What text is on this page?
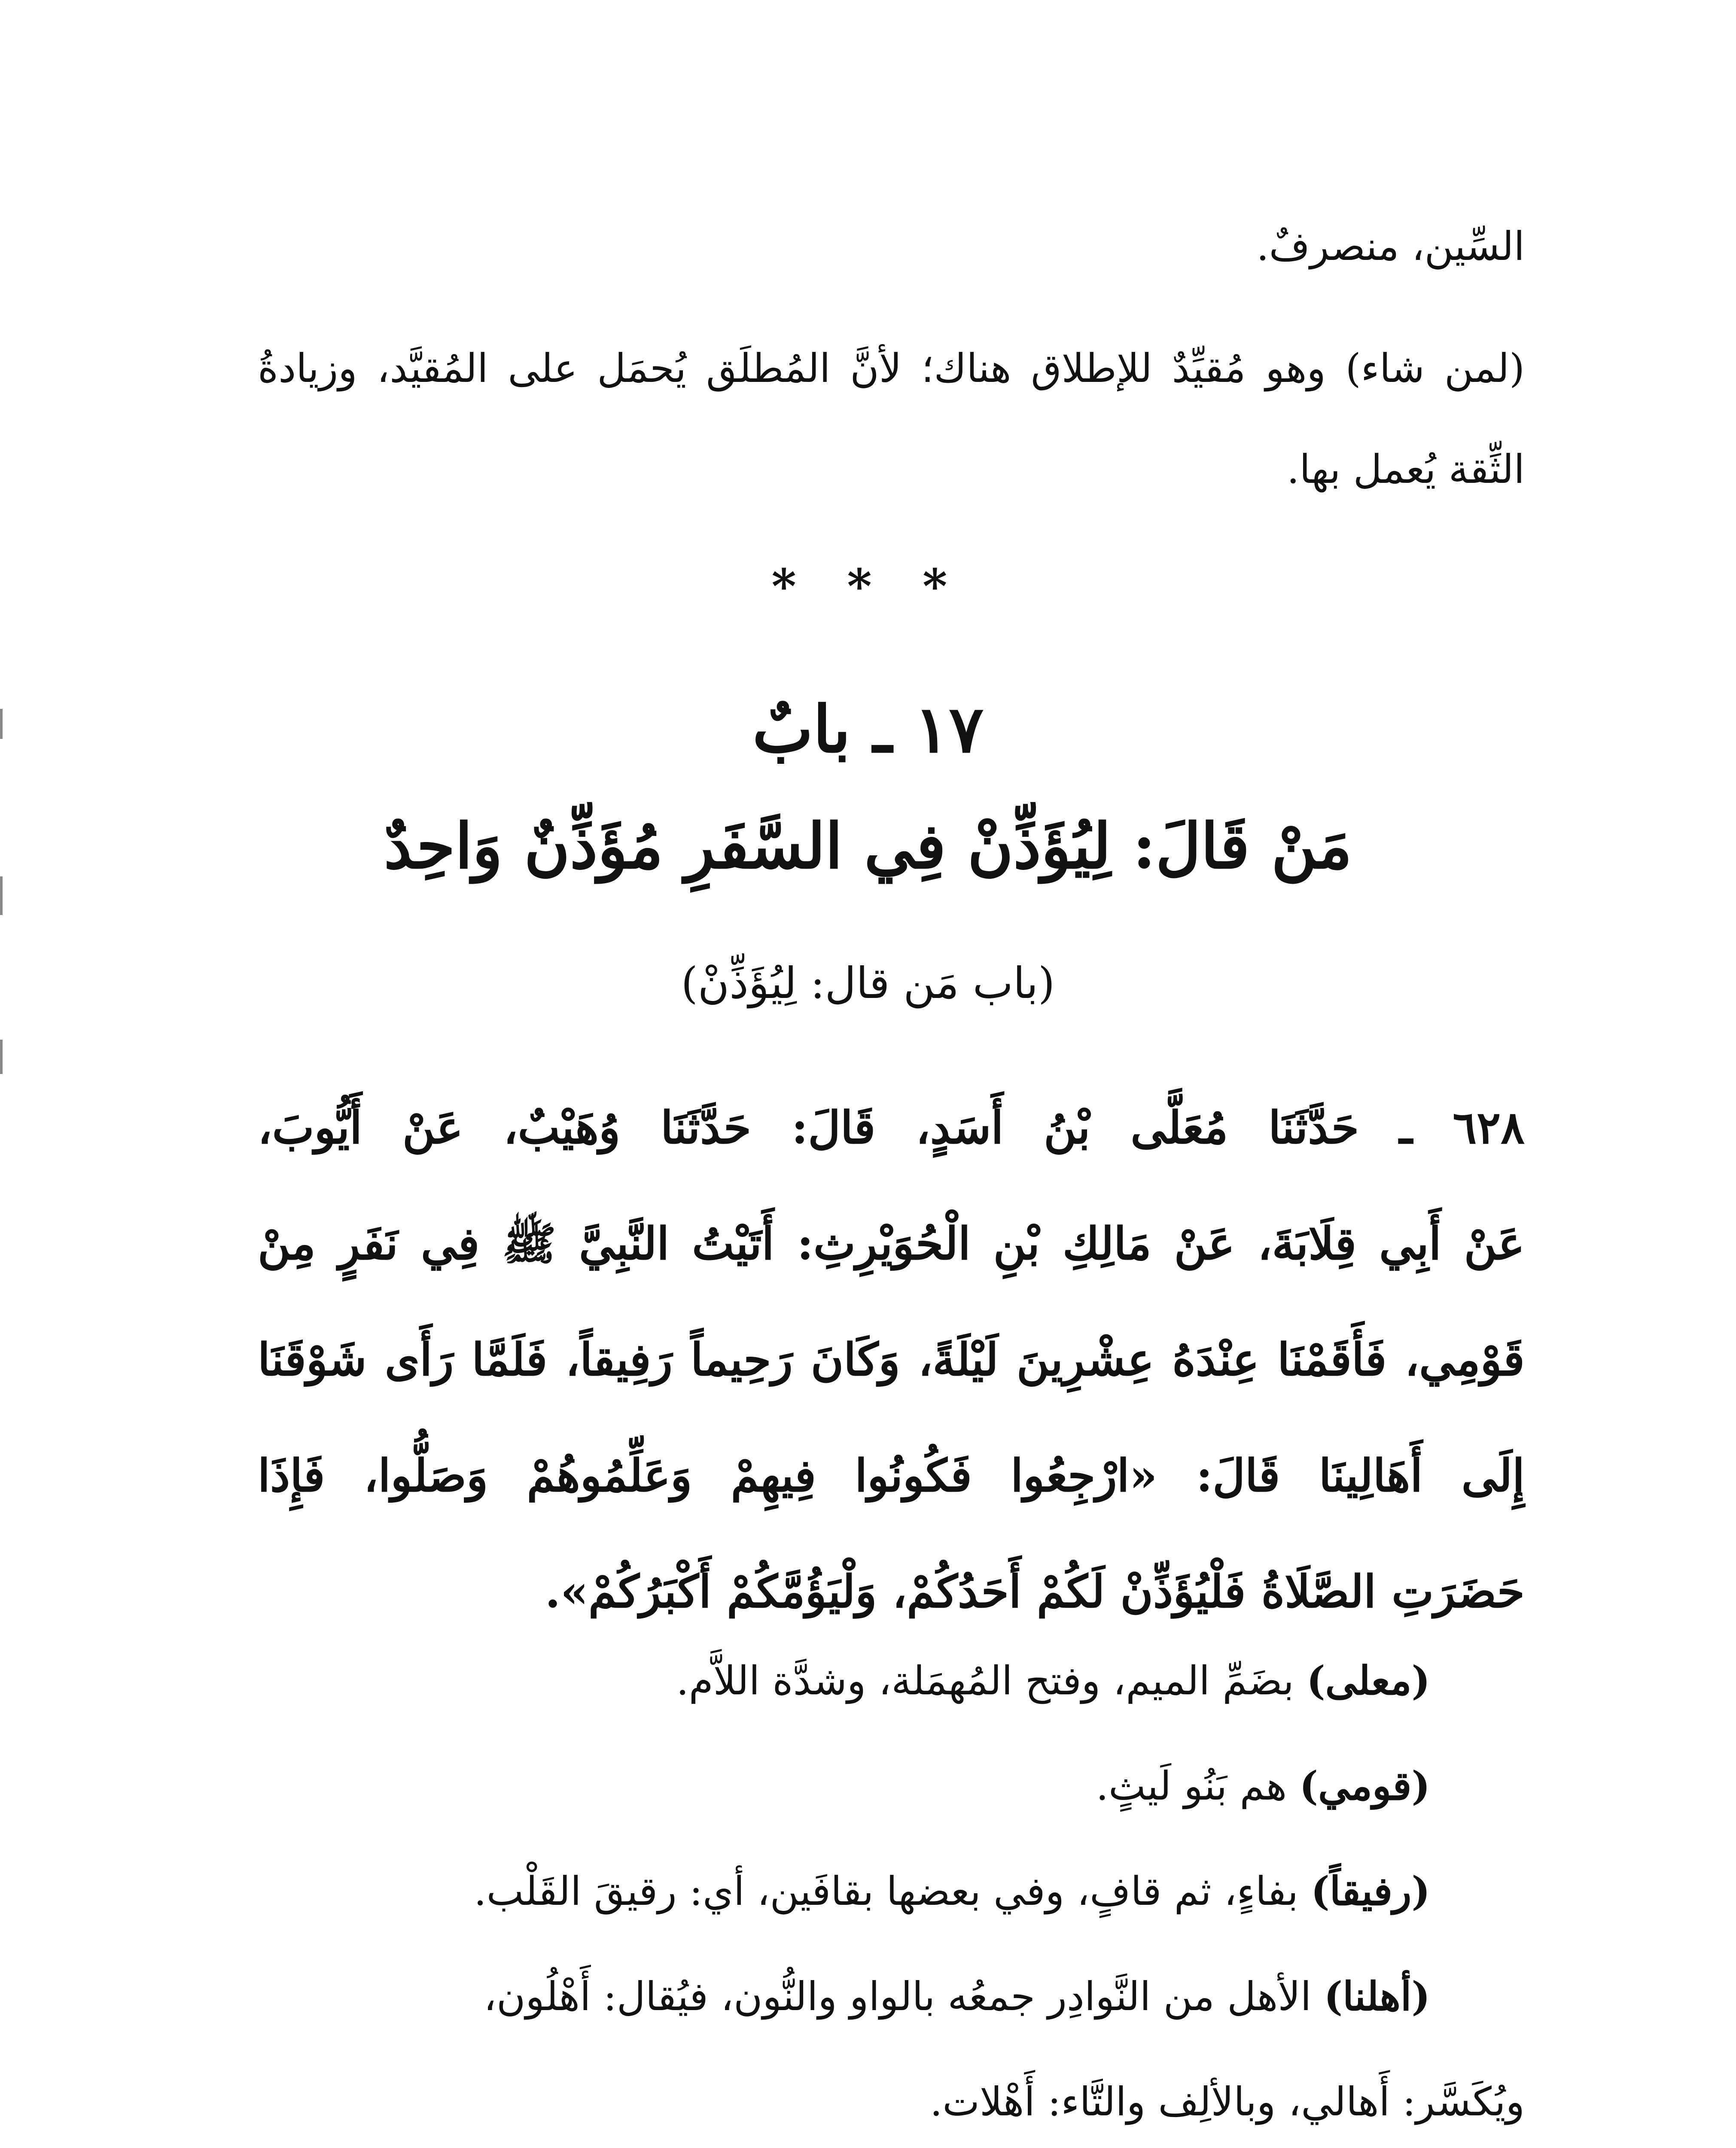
السِّين، منصرفٌ.
(لمن شاء) وهو مُقيِّدٌ للإطلاق هناك؛ لأنَّ المُطلَق يُحمَل على المُقيَّد، وزيادةُ الثِّقة يُعمل بها.
* * *
١٧ ـ بابٌ
مَنْ قَالَ: لِيُؤَذِّنْ فِي السَّفَرِ مُؤَذِّنٌ وَاحِدٌ
(باب مَن قال: لِيُؤَذِّنْ)
٦٢٨ ـ حَدَّثَنَا مُعَلَّى بْنُ أَسَدٍ، قَالَ: حَدَّثَنَا وُهَيْبٌ، عَنْ أَيُّوبَ،
عَنْ أَبِي قِلَابَةَ، عَنْ مَالِكِ بْنِ الْحُوَيْرِثِ: أَتَيْتُ النَّبِيَّ ﷺ فِي نَفَرٍ مِنْ
قَوْمِي، فَأَقَمْنَا عِنْدَهُ عِشْرِينَ لَيْلَةً، وَكَانَ رَحِيماً رَفِيقاً، فَلَمَّا رَأَى شَوْقَنَا
إِلَى أَهَالِينَا قَالَ: «ارْجِعُوا فَكُونُوا فِيهِمْ وَعَلِّمُوهُمْ وَصَلُّوا، فَإِذَا
حَضَرَتِ الصَّلَاةُ فَلْيُؤَذِّنْ لَكُمْ أَحَدُكُمْ، وَلْيَؤُمَّكُمْ أَكْبَرُكُمْ».
(معلى) بضَمِّ الميم، وفتح المُهمَلة، وشدَّة اللاَّم.
(قومي) هم بَنُو لَيثٍ.
(رفيقاً) بفاءٍ، ثم قافٍ، وفي بعضها بقافَين، أي: رقيقَ القَلْب.
(أهلنا) الأهل من النَّوادِر جمعُه بالواو والنُّون، فيُقال: أَهْلُون،
ويُكَسَّر: أَهالي، وبالألِف والتَّاء: أَهْلات.
